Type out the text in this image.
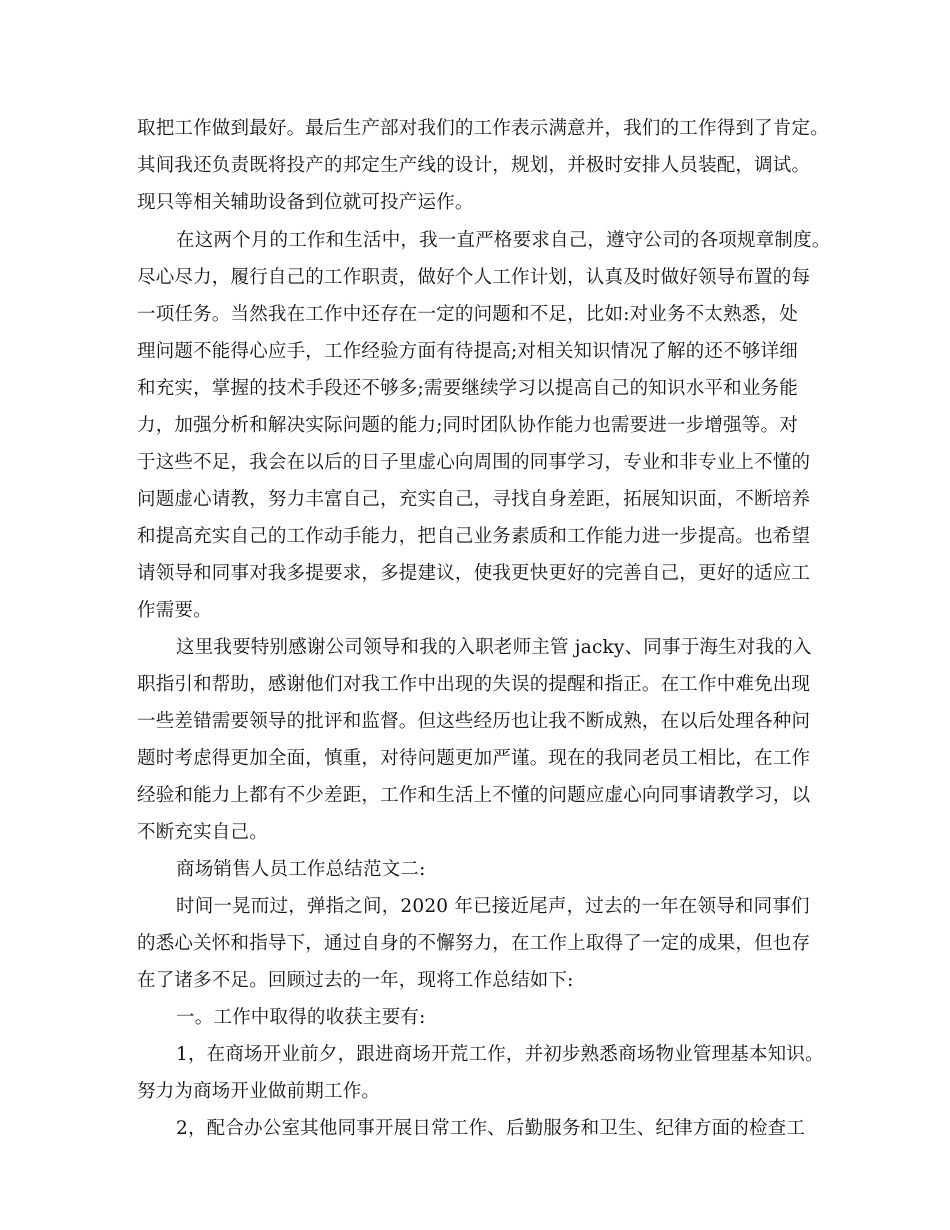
取把工作做到最好。最后生产部对我们的工作表示满意并，我们的工作得到了肯定。
其间我还负责既将投产的邦定生产线的设计，规划，并极时安排人员装配，调试。
现只等相关辅助设备到位就可投产运作。
在这两个月的工作和生活中，我一直严格要求自己，遵守公司的各项规章制度。
尽心尽力，履行自己的工作职责，做好个人工作计划，认真及时做好领导布置的每
一项任务。当然我在工作中还存在一定的问题和不足，比如:对业务不太熟悉，处
理问题不能得心应手，工作经验方面有待提高;对相关知识情况了解的还不够详细
和充实，掌握的技术手段还不够多;需要继续学习以提高自己的知识水平和业务能
力，加强分析和解决实际问题的能力;同时团队协作能力也需要进一步增强等。对
于这些不足，我会在以后的日子里虚心向周围的同事学习，专业和非专业上不懂的
问题虚心请教，努力丰富自己，充实自己，寻找自身差距，拓展知识面，不断培养
和提高充实自己的工作动手能力，把自己业务素质和工作能力进一步提高。也希望
请领导和同事对我多提要求，多提建议，使我更快更好的完善自己，更好的适应工
作需要。
这里我要特别感谢公司领导和我的入职老师主管 jacky、同事于海生对我的入
职指引和帮助，感谢他们对我工作中出现的失误的提醒和指正。在工作中难免出现
一些差错需要领导的批评和监督。但这些经历也让我不断成熟，在以后处理各种问
题时考虑得更加全面，慎重，对待问题更加严谨。现在的我同老员工相比，在工作
经验和能力上都有不少差距，工作和生活上不懂的问题应虚心向同事请教学习，以
不断充实自己。
商场销售人员工作总结范文二:
时间一晃而过，弹指之间，2020 年已接近尾声，过去的一年在领导和同事们
的悉心关怀和指导下，通过自身的不懈努力，在工作上取得了一定的成果，但也存
在了诸多不足。回顾过去的一年，现将工作总结如下:
一。工作中取得的收获主要有:
1，在商场开业前夕，跟进商场开荒工作，并初步熟悉商场物业管理基本知识。
努力为商场开业做前期工作。
2，配合办公室其他同事开展日常工作、后勤服务和卫生、纪律方面的检查工
